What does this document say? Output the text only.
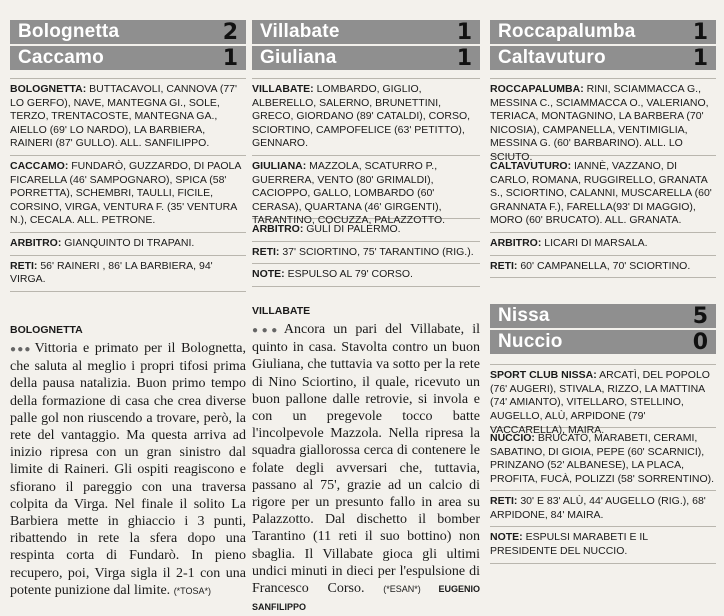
Bolognetta	2
Caccamo	1

BOLOGNETTA: BUTTACAVOLI, CANNOVA (77' LO GERFO), NAVE, MANTEGNA GI., SOLE, TERZO, TRENTACOSTE, MANTEGNA GA., AIELLO (69' LO NARDO), LA BARBIERA, RAINERI (87' GULLO). ALL. SANFILIPPO.

CACCAMO: FUNDARÒ, GUZZARDO, DI PAOLA FICARELLA (46' SAMPOGNARO), SPICA (58' PORRETTA), SCHEMBRI, TAULLI, FICILE, CORSINO, VIRGA, VENTURA F. (35' VENTURA N.), CECALA. ALL. PETRONE.

ARBITRO: GIANQUINTO DI TRAPANI.

RETI: 56' RAINERI , 86' LA BARBIERA, 94' VIRGA.

BOLOGNETTA
●●● Vittoria e primato per il Bolognetta, che saluta al meglio i propri tifosi prima della pausa natalizia. Buon primo tempo della formazione di casa che crea diverse palle gol non riuscendo a trovare, però, la rete del vantaggio. Ma questa arriva ad inizio ripresa con un gran sinistro dal limite di Raineri. Gli ospiti reagiscono e sfiorano il pareggio con una traversa colpita da Virga. Nel finale il solito La Barbiera mette in ghiaccio i 3 punti, ribattendo in rete la sfera dopo una respinta corta di Fundarò. In pieno recupero, poi, Virga sigla il 2-1 con una potente punizione dal limite. (*TOSA*)
Villabate	1
Giuliana	1

VILLABATE: LOMBARDO, GIGLIO, ALBERELLO, SALERNO, BRUNETTINI, GRECO, GIORDANO (89' CATALDI), CORSO, SCIORTINO, CAMPOFELICE (63' PETITTO), GENNARO.

GIULIANA: MAZZOLA, SCATURRO P., GUERRERA, VENTO (80' GRIMALDI), CACIOPPO, GALLO, LOMBARDO (60' CERASA), QUARTANA (46' GIRGENTI), TARANTINO, COCUZZA, PALAZZOTTO.

ARBITRO: GULÌ DI PALERMO.

RETI: 37' SCIORTINO, 75' TARANTINO (RIG.).

NOTE: ESPULSO AL 79' CORSO.

VILLABATE
●●● Ancora un pari del Villabate, il quinto in casa. Stavolta contro un buon Giuliana, che tuttavia va sotto per la rete di Nino Sciortino, il quale, ricevuto un buon pallone dalle retrovie, si invola e con un pregevole tocco batte l'incolpevole Mazzola. Nella ripresa la squadra giallorossa cerca di contenere le folate degli avversari che, tuttavia, passano al 75', grazie ad un calcio di rigore per un presunto fallo in area su Palazzotto. Dal dischetto il bomber Tarantino (11 reti il suo bottino) non sbaglia. Il Villabate gioca gli ultimi undici minuti in dieci per l'espulsione di Francesco Corso. (*ESAN*) EUGENIO SANFILIPPO
Roccapalumba	1
Caltavuturo	1

ROCCAPALUMBA: RINI, SCIAMMACCA G., MESSINA C., SCIAMMACCA O., VALERIANO, TERIACA, MONTAGNINO, LA BARBERA (70' NICOSIA), CAMPANELLA, VENTIMIGLIA, MESSINA G. (60' BARBARINO). ALL. LO SCIUTO.

CALTAVUTURO: IANNÈ, VAZZANO, DI CARLO, ROMANA, RUGGIRELLO, GRANATA S., SCIORTINO, CALANNI, MUSCARELLA (60' GRANNATA F.), FARELLA(93' DI MAGGIO), MORO (60' BRUCATO). ALL. GRANATA.

ARBITRO: LICARI DI MARSALA.

RETI: 60' CAMPANELLA, 70' SCIORTINO.

Nissa	5
Nuccio	0

SPORT CLUB NISSA: ARCATÌ, DEL POPOLO (76' AUGERI), STIVALA, RIZZO, LA MATTINA (74' AMIANTO), VITELLARO, STELLINO, AUGELLO, ALÙ, ARPIDONE (79' VACCARELLA), MAIRA.

NUCCIO: BRUCATO, MARABETI, CERAMI, SABATINO, DI GIOIA, PEPE (60' SCARNICI), PRINZANO (52' ALBANESE), LA PLACA, PROFITA, FUCÀ, POLIZZI (58' SORRENTINO).

RETI: 30' E 83' ALÙ, 44' AUGELLO (RIG.), 68' ARPIDONE, 84' MAIRA.

NOTE: ESPULSI MARABETI E IL PRESIDENTE DEL NUCCIO.
